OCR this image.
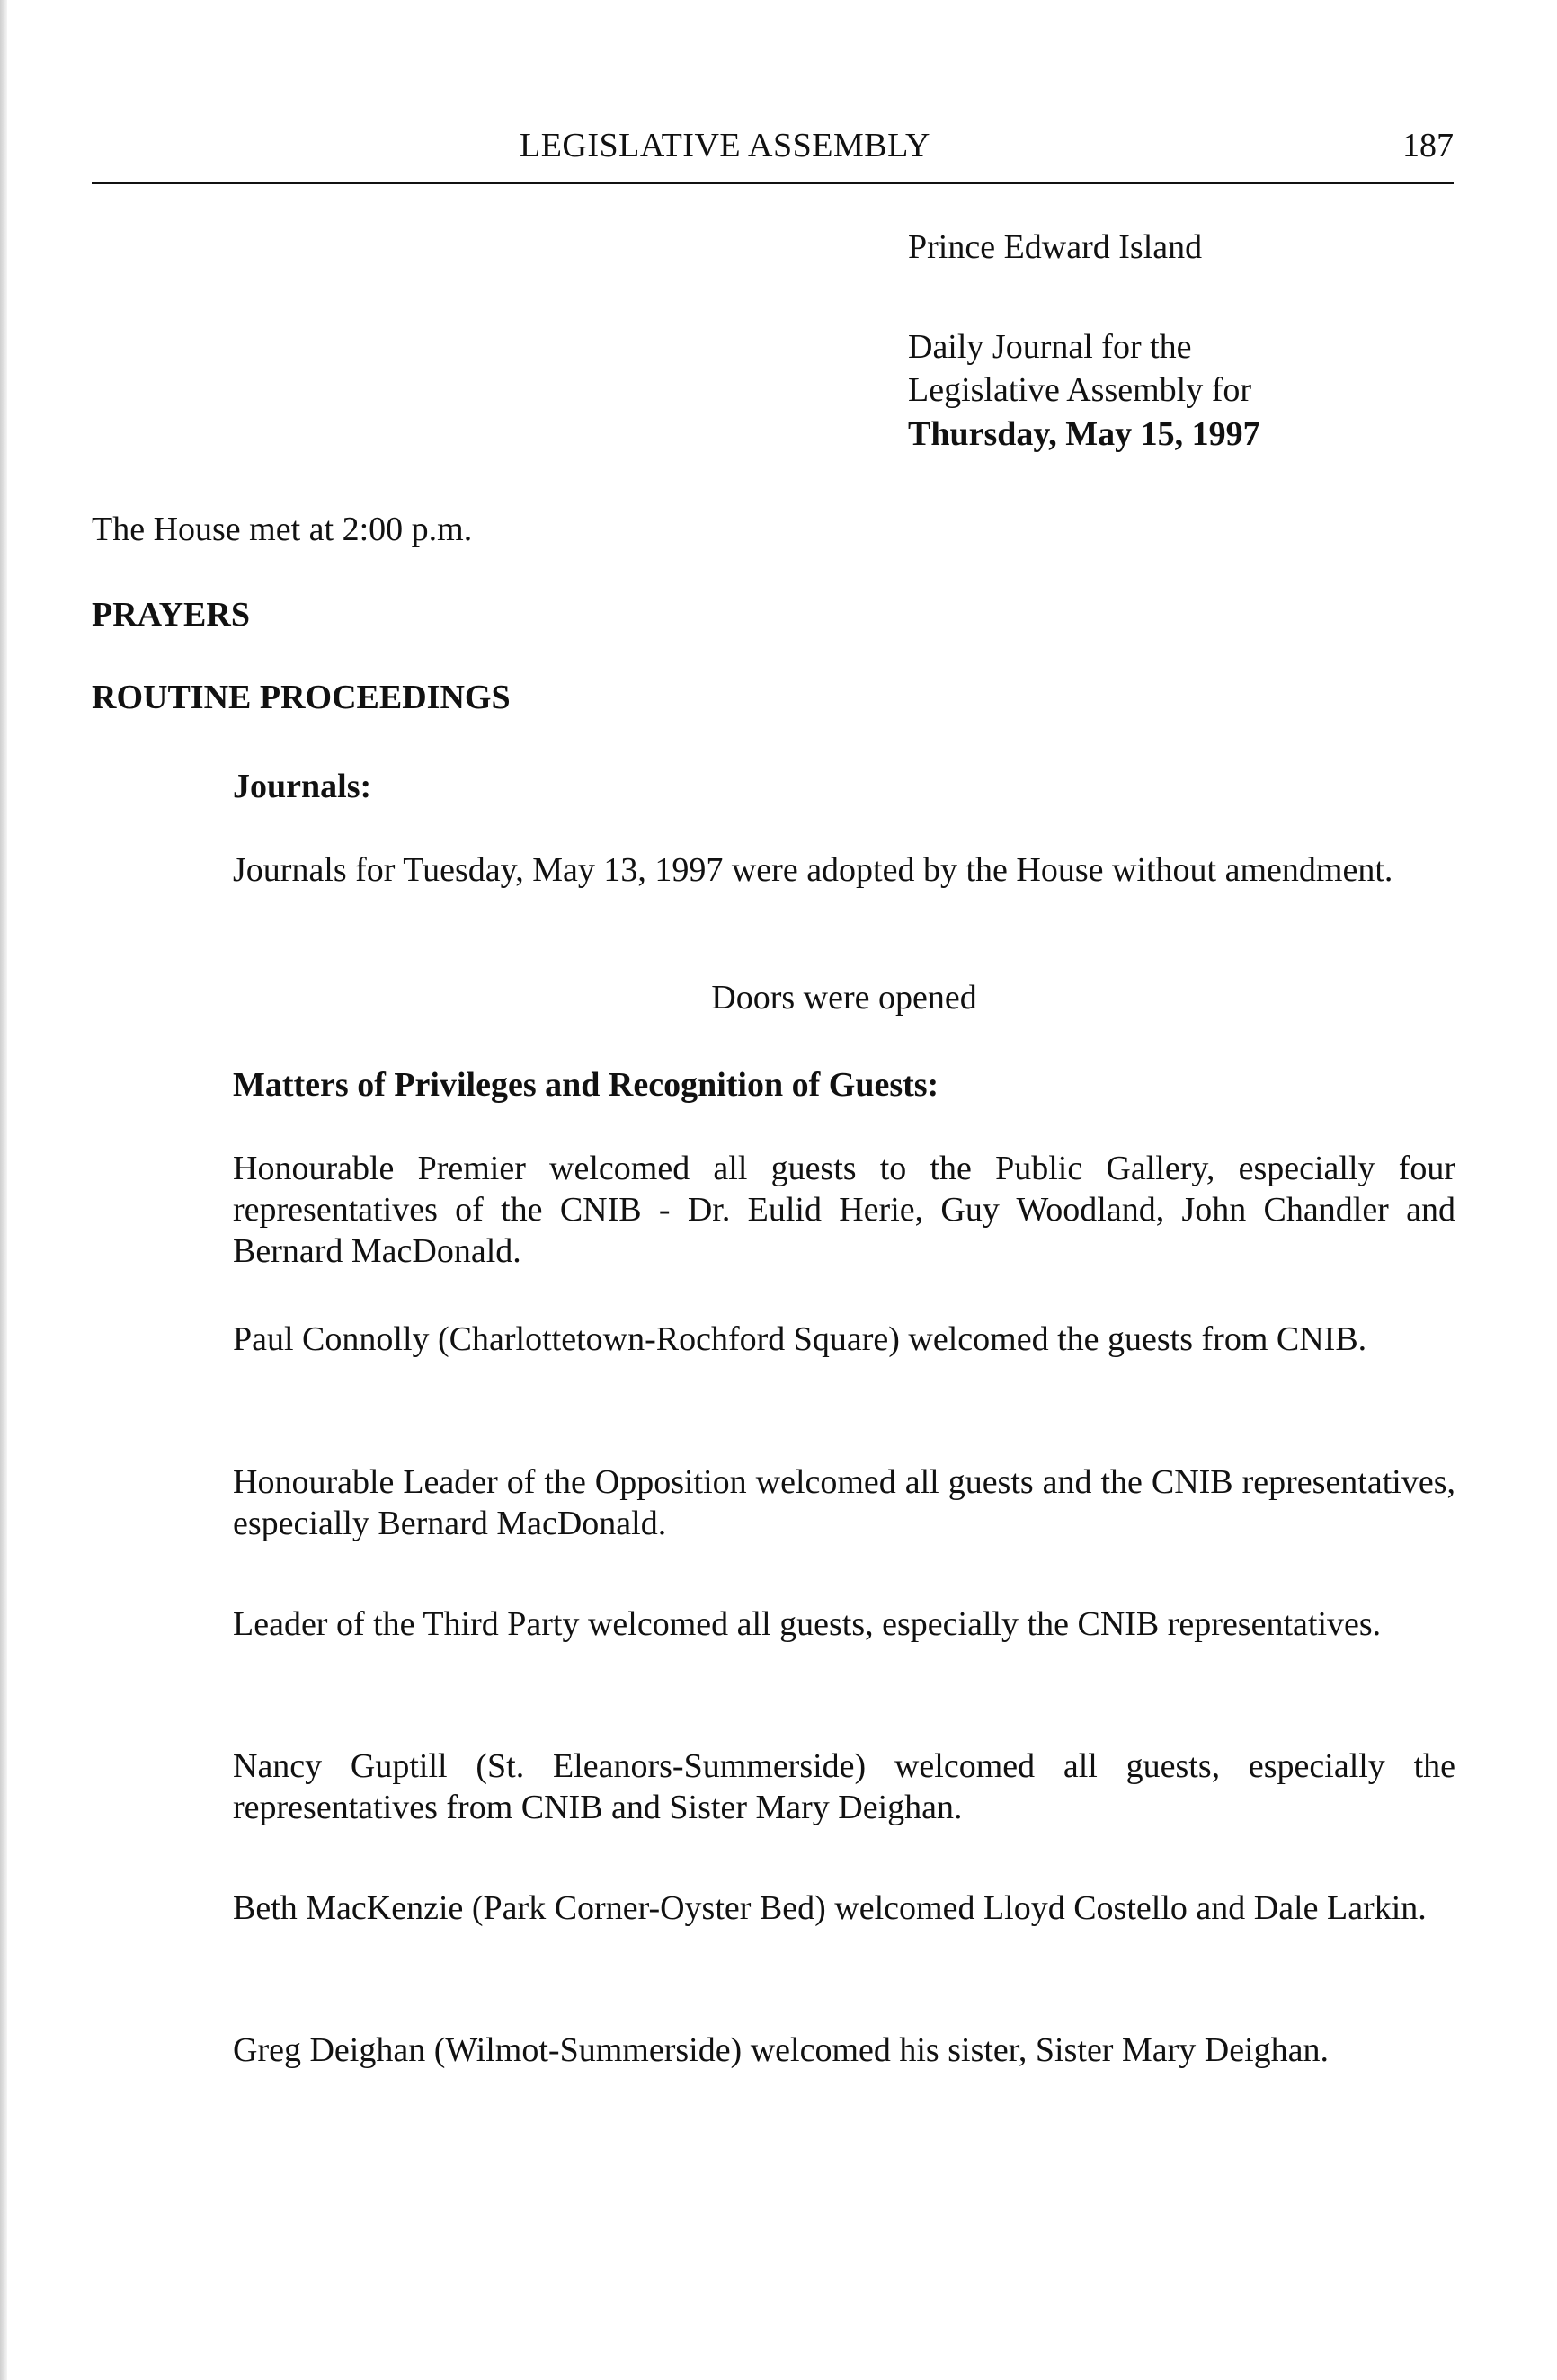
LEGISLATIVE ASSEMBLY	187
Prince Edward Island
Daily Journal for the
Legislative Assembly for
Thursday, May 15, 1997
The House met at 2:00 p.m.
PRAYERS
ROUTINE PROCEEDINGS
Journals:

Journals for Tuesday, May 13, 1997 were adopted by the House without amendment.

Doors were opened
Matters of Privileges and Recognition of Guests:

Honourable Premier welcomed all guests to the Public Gallery, especially four representatives of the CNIB - Dr. Eulid Herie, Guy Woodland, John Chandler and Bernard MacDonald.

Paul Connolly (Charlottetown-Rochford Square) welcomed the guests from CNIB.

Honourable Leader of the Opposition welcomed all guests and the CNIB representatives, especially Bernard MacDonald.

Leader of the Third Party welcomed all guests, especially the CNIB representatives.

Nancy Guptill (St. Eleanors-Summerside) welcomed all guests, especially the representatives from CNIB and Sister Mary Deighan.

Beth MacKenzie (Park Corner-Oyster Bed) welcomed Lloyd Costello and Dale Larkin.

Greg Deighan (Wilmot-Summerside) welcomed his sister, Sister Mary Deighan.
